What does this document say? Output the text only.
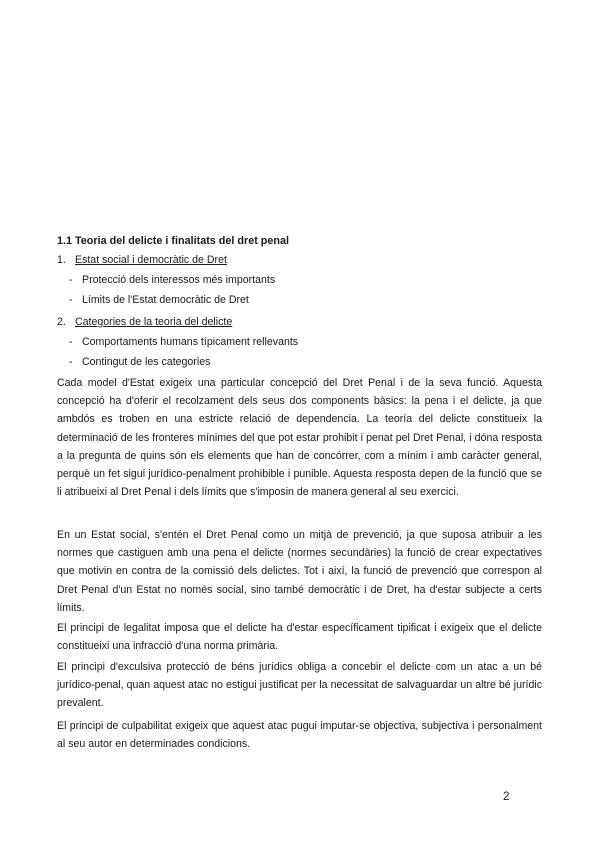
1.1 Teoria del delicte i finalitats del dret penal
1. Estat social i democràtic de Dret
- Protecció dels interessos més importants
- Límits de l'Estat democràtic de Dret
2. Categories de la teoria del delicte
- Comportaments humans típicament rellevants
- Contingut de les categories

Cada model d'Estat exigeix una particular concepció del Dret Penal i de la seva funció. Aquesta concepció ha d'oferir el recolzament dels seus dos components bàsics: la pena i el delicte, ja que ambdós es troben en una estricte relació de dependencia. La teoría del delicte constitueix la determinació de les fronteres mínimes del que pot estar prohibit i penat pel Dret Penal, i dóna resposta a la pregunta de quins són els elements que han de concórrer, com a mínim i amb caràcter general, perquè un fet sigui jurídico-penalment prohibible i punible. Aquesta resposta depen de la funció que se li atribueixi al Dret Penal i dels límits que s'imposin de manera general al seu exercici.

En un Estat social, s'entén el Dret Penal como un mitjà de prevenció, ja que suposa atribuir a les normes que castiguen amb una pena el delicte (normes secundàries) la funció de crear expectatives que motivin en contra de la comissió dels delictes. Tot i així, la funció de prevenció que correspon al Dret Penal d'un Estat no només social, sino també democràtic i de Dret, ha d'estar subjecte a certs límits.

El principi de legalitat imposa que el delicte ha d'estar específicament tipificat i exigeix que el delicte constitueixi una infracció d'una norma primària.

El principi d'exculsiva protecció de béns jurídics obliga a concebir el delicte com un atac a un bé jurídico-penal, quan aquest atac no estigui justificat per la necessitat de salvaguardar un altre bé jurídic prevalent.

El principi de culpabilitat exigeix que aquest atac pugui imputar-se objectiva, subjectiva i personalment al seu autor en determinades condicions.

2
